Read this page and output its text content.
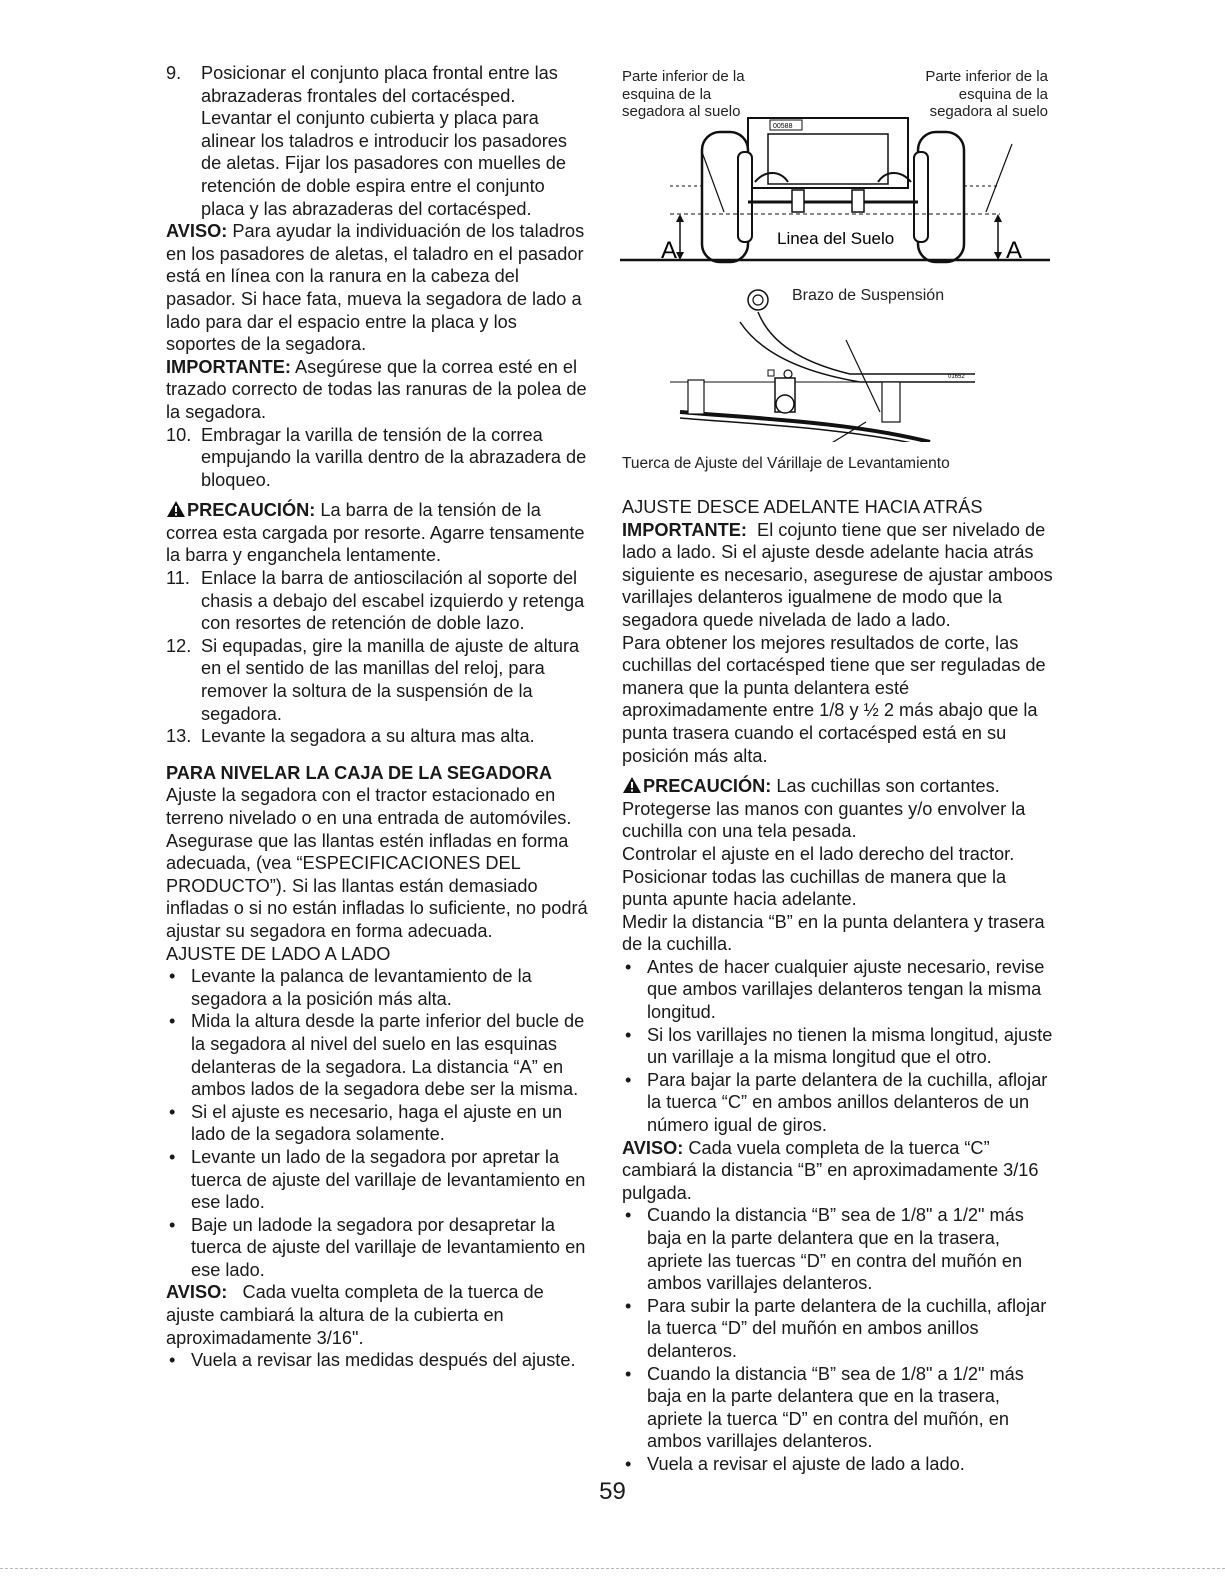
9. Posicionar el conjunto placa frontal entre las abrazaderas frontales del cortacésped. Levantar el conjunto cubierta y placa para alinear los taladros e introducir los pasadores de aletas. Fijar los pasadores con muelles de retención de doble espira entre el conjunto placa y las abrazaderas del cortacésped.

AVISO: Para ayudar la individuación de los taladros en los pasadores de aletas, el taladro en el pasador está en línea con la ranura en la cabeza del pasador. Si hace fata, mueva la segadora de lado a lado para dar el espacio entre la placa y los soportes de la segadora.

IMPORTANTE: Asegúrese que la correa esté en el trazado correcto de todas las ranuras de la polea de la segadora.

10. Embragar la varilla de tensión de la correa empujando la varilla dentro de la abrazadera de bloqueo.

PRECAUCIÓN: La barra de la tensión de la correa esta cargada por resorte. Agarre tensamente la barra y enganchela lentamente.

11. Enlace la barra de antioscilación al soporte del chasis a debajo del escabel izquierdo y retenga con resortes de retención de doble lazo.

12. Si equpadas, gire la manilla de ajuste de altura en el sentido de las manillas del reloj, para remover la soltura de la suspensión de la segadora.

13. Levante la segadora a su altura mas alta.

PARA NIVELAR LA CAJA DE LA SEGADORA

Ajuste la segadora con el tractor estacionado en terreno nivelado o en una entrada de automóviles. Asegurase que las llantas estén infladas en forma adecuada, (vea “ESPECIFICACIONES DEL PRODUCTO”). Si las llantas están demasiado infladas o si no están infladas lo suficiente, no podrá ajustar su segadora en forma adecuada.

AJUSTE DE LADO A LADO

• Levante la palanca de levantamiento de la segadora a la posición más alta.

• Mida la altura desde la parte inferior del bucle de la segadora al nivel del suelo en las esquinas delanteras de la segadora. La distancia “A” en ambos lados de la segadora debe ser la misma.

• Si el ajuste es necesario, haga el ajuste en un lado de la segadora solamente.

• Levante un lado de la segadora por apretar la tuerca de ajuste del varillaje de levantamiento en ese lado.

• Baje un ladode la segadora por desapretar la tuerca de ajuste del varillaje de levantamiento en ese lado.

AVISO:   Cada vuelta completa de la tuerca de ajuste cambiará la altura de la cubierta en aproximadamente 3/16".

• Vuela a revisar las medidas después del ajuste.

00588
A	A
Linea del Suelo
Parte inferior de la esquina de la segadora al suelo
Parte inferior de la esquina de la segadora al suelo
01652
Brazo de Suspensión
Tuerca de Ajuste del Várillaje de Levantamiento

AJUSTE DESCE ADELANTE HACIA ATRÁS

IMPORTANTE:  El cojunto tiene que ser nivelado de lado a lado. Si el ajuste desde adelante hacia atrás siguiente es necesario, asegurese de ajustar amboos varillajes delanteros igualmene de modo que la segadora quede nivelada de lado a lado.

Para obtener los mejores resultados de corte, las cuchillas del cortacésped tiene que ser reguladas de manera que la punta delantera esté aproximadamente entre 1/8 y ½ 2 más abajo que la punta trasera cuando el cortacésped está en su posición más alta.

PRECAUCIÓN: Las cuchillas son cortantes. Protegerse las manos con guantes y/o envolver la cuchilla con una tela pesada.

Controlar el ajuste en el lado derecho del tractor. Posicionar todas las cuchillas de manera que la punta apunte hacia adelante.

Medir la distancia “B” en la punta delantera y trasera de la cuchilla.

• Antes de hacer cualquier ajuste necesario, revise que ambos varillajes delanteros tengan la misma longitud.

• Si los varillajes no tienen la misma longitud, ajuste un varillaje a la misma longitud que el otro.

• Para bajar la parte delantera de la cuchilla, aflojar la tuerca “C” en ambos anillos delanteros de un número igual de giros.

AVISO: Cada vuela completa de la tuerca “C” cambiará la distancia “B” en aproximadamente 3/16 pulgada.

• Cuando la distancia “B” sea de 1/8" a 1/2" más baja en la parte delantera que en la trasera, apriete las tuercas “D” en contra del muñón en ambos varillajes delanteros.

• Para subir la parte delantera de la cuchilla, aflojar la tuerca “D” del muñón en ambos anillos delanteros.

• Cuando la distancia “B” sea de 1/8" a 1/2" más baja en la parte delantera que en la trasera, apriete la tuerca “D” en contra del muñón, en ambos varillajes delanteros.

• Vuela a revisar el ajuste de lado a lado.

59
